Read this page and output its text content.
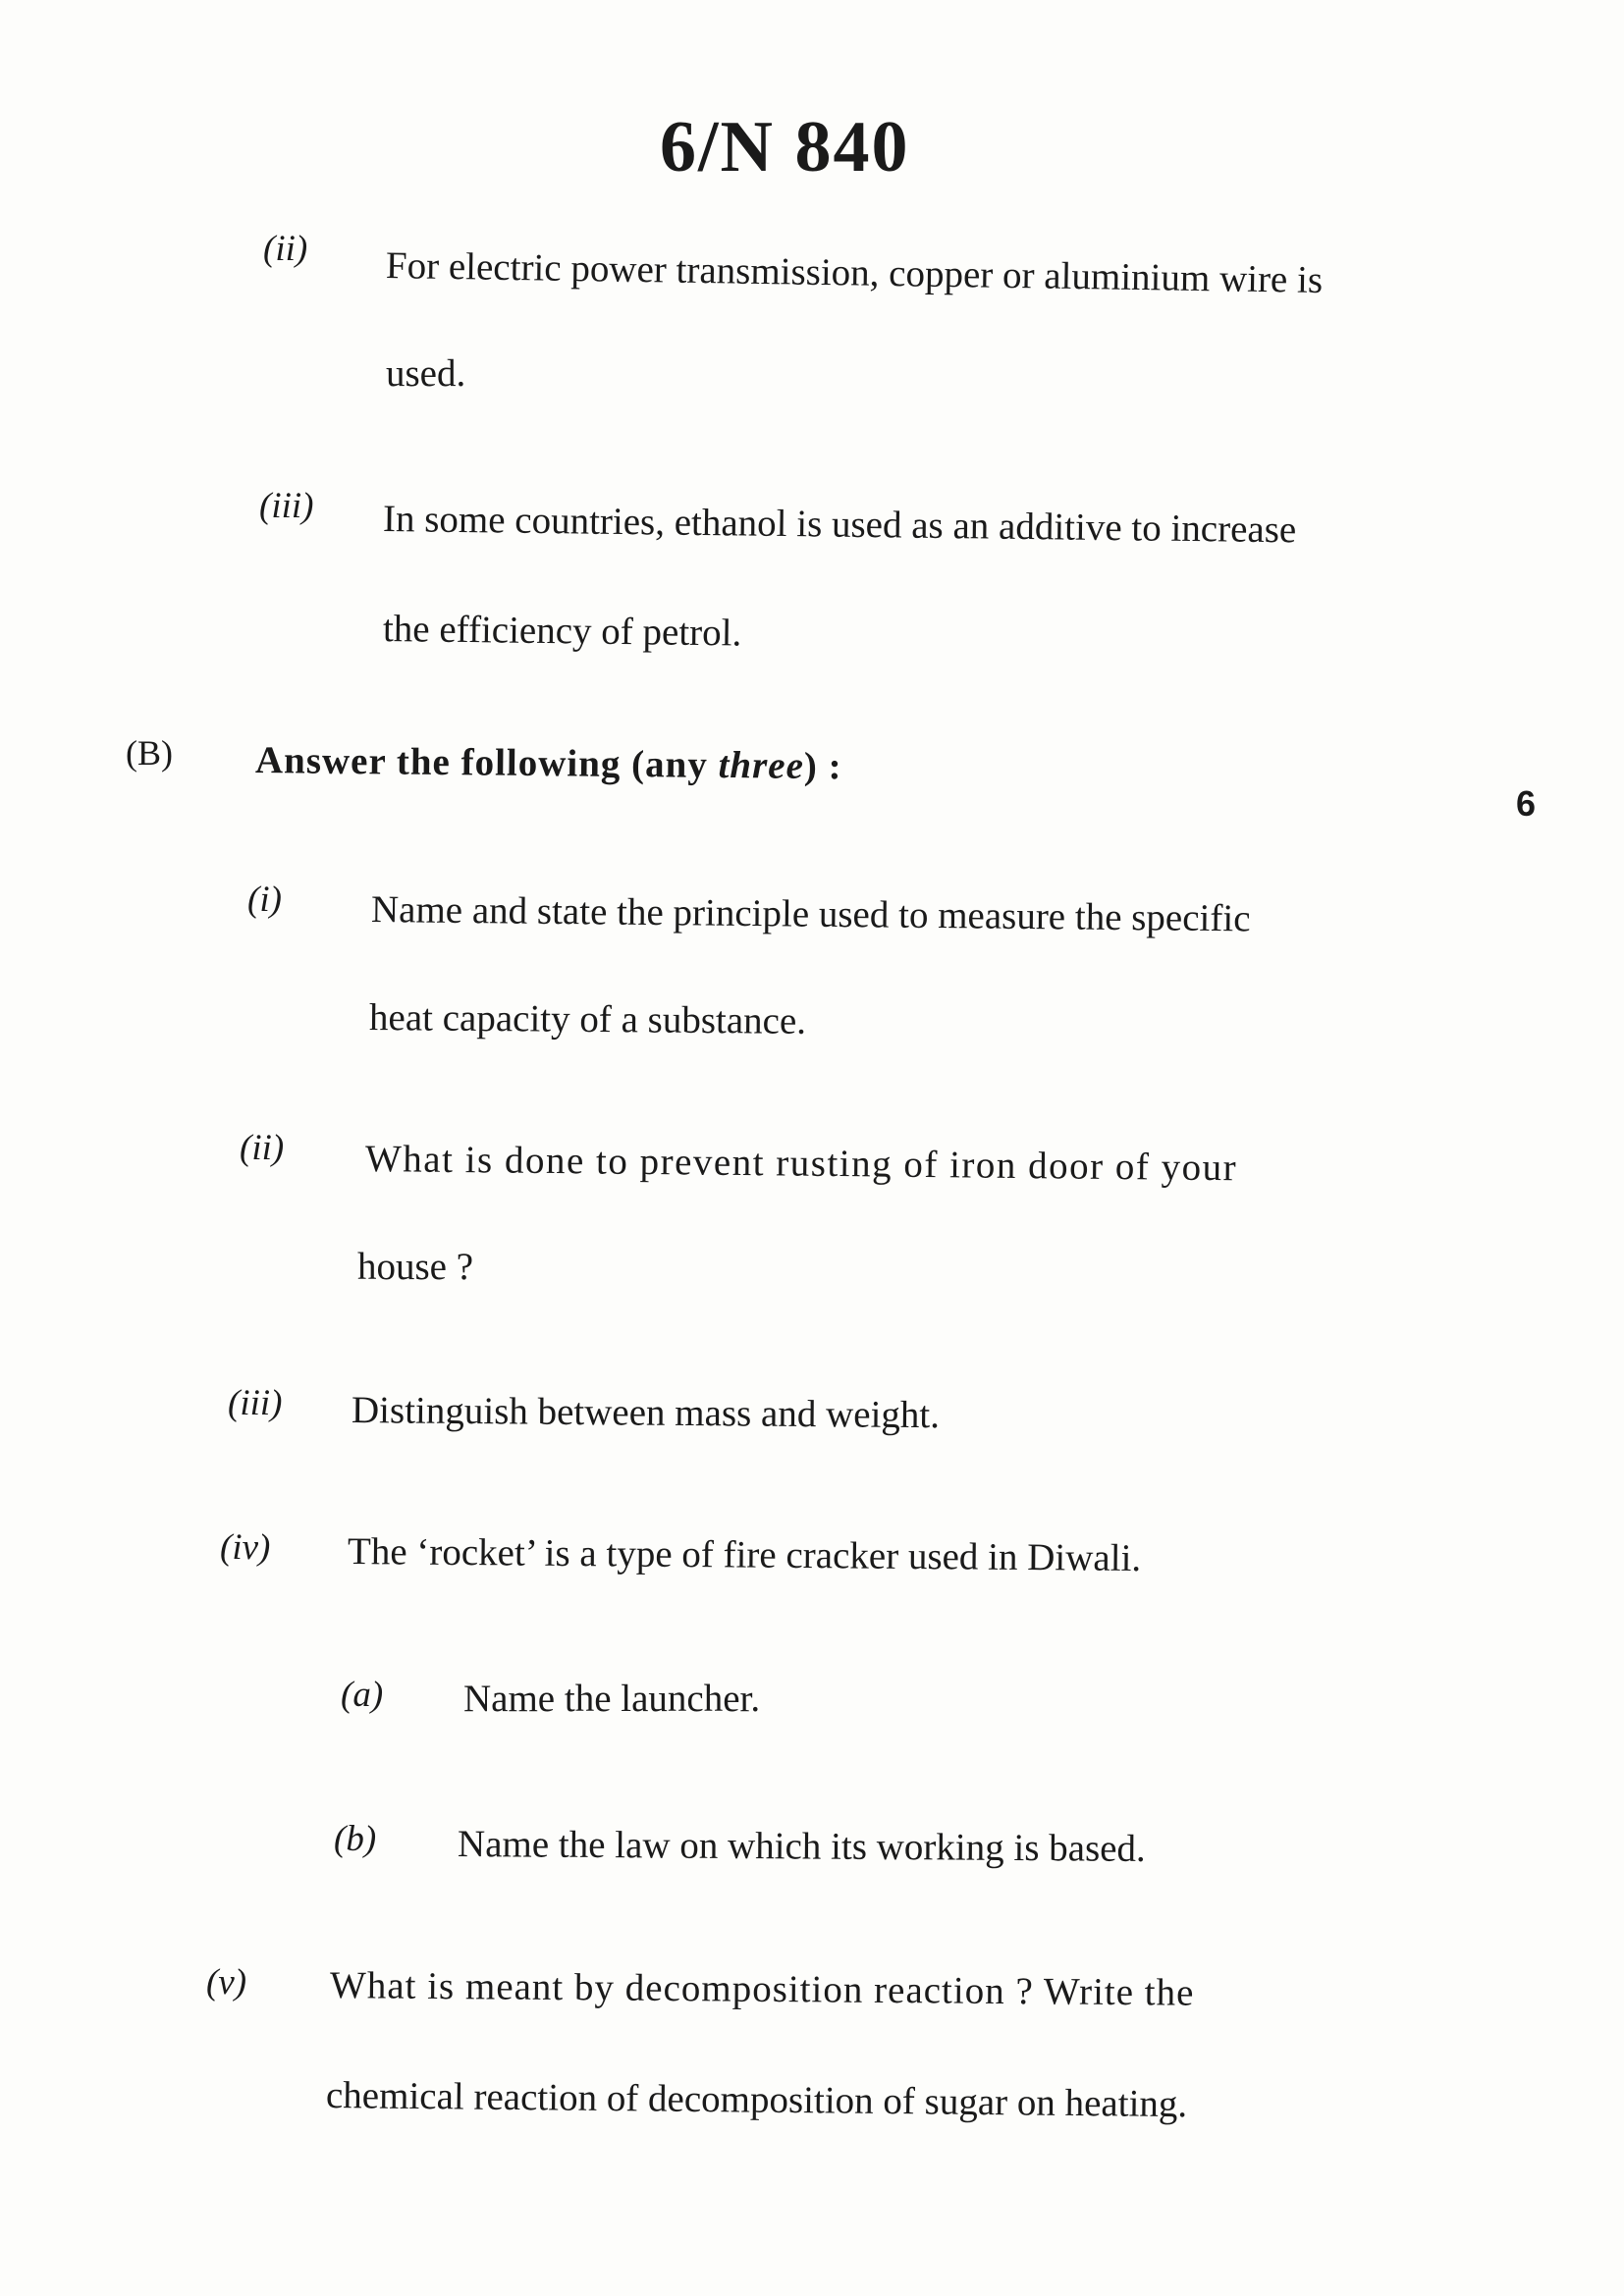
6/N 840
(ii) For electric power transmission, copper or aluminium wire is
used.
(iii) In some countries, ethanol is used as an additive to increase
the efficiency of petrol.
(B) Answer the following (any three) :
6
(i) Name and state the principle used to measure the specific
heat capacity of a substance.
(ii) What is done to prevent rusting of iron door of your
house ?
(iii) Distinguish between mass and weight.
(iv) The ‘rocket’ is a type of fire cracker used in Diwali.
(a) Name the launcher.
(b) Name the law on which its working is based.
(v) What is meant by decomposition reaction ? Write the
chemical reaction of decomposition of sugar on heating.
